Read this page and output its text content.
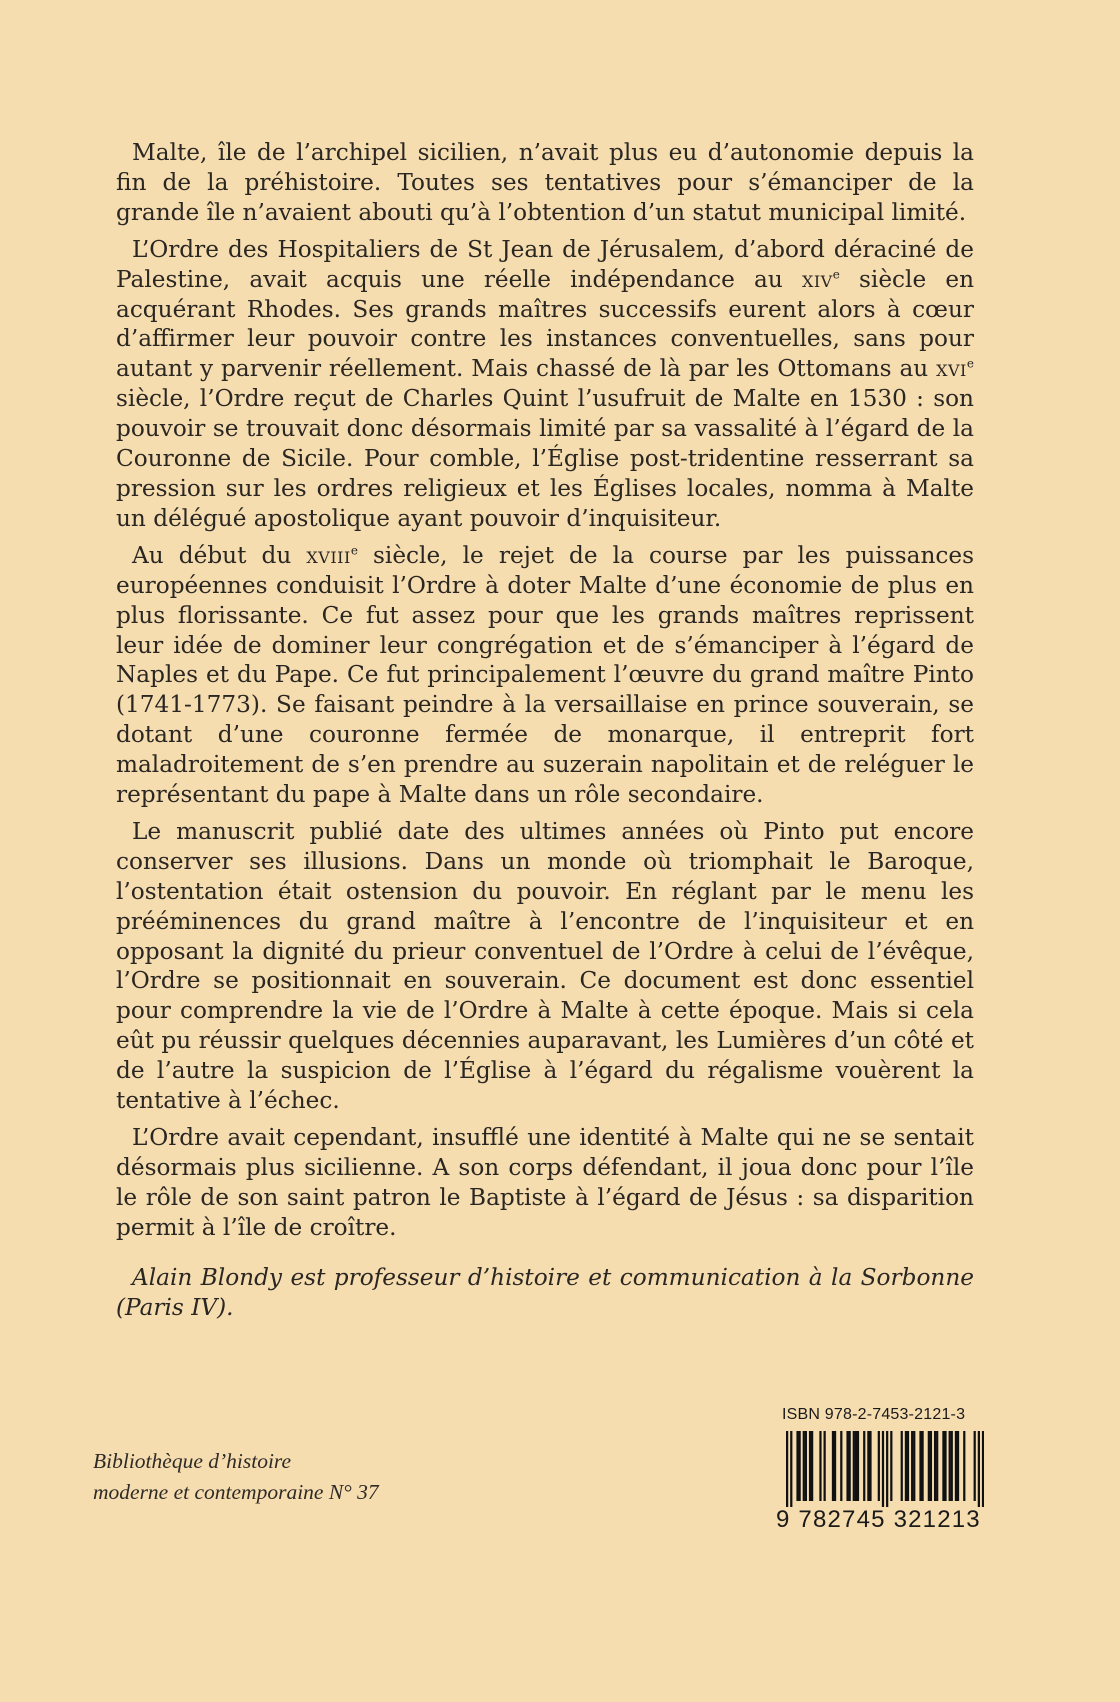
Malte, île de l’archipel sicilien, n’avait plus eu d’autonomie depuis la fin de la préhistoire. Toutes ses tentatives pour s’émanciper de la grande île n’avaient abouti qu’à l’obtention d’un statut municipal limité.

L’Ordre des Hospitaliers de St Jean de Jérusalem, d’abord déraciné de Palestine, avait acquis une réelle indépendance au xiv$^e$ siècle en acquérant Rhodes. Ses grands maîtres successifs eurent alors à cœur d’affirmer leur pouvoir contre les instances conventuelles, sans pour autant y parvenir réellement. Mais chassé de là par les Ottomans au xvi$^e$ siècle, l’Ordre reçut de Charles Quint l’usufruit de Malte en 1530 : son pouvoir se trouvait donc désormais limité par sa vassalité à l’égard de la Couronne de Sicile. Pour comble, l’Église post-tridentine resserrant sa pression sur les ordres religieux et les Églises locales, nomma à Malte un délégué apostolique ayant pouvoir d’inquisiteur.

Au début du xviii$^e$ siècle, le rejet de la course par les puissances européennes conduisit l’Ordre à doter Malte d’une économie de plus en plus florissante. Ce fut assez pour que les grands maîtres reprissent leur idée de dominer leur congrégation et de s’émanciper à l’égard de Naples et du Pape. Ce fut principalement l’œuvre du grand maître Pinto (1741-1773). Se faisant peindre à la versaillaise en prince souverain, se dotant d’une couronne fermée de monarque, il entreprit fort maladroitement de s’en prendre au suzerain napolitain et de reléguer le représentant du pape à Malte dans un rôle secondaire.

Le manuscrit publié date des ultimes années où Pinto put encore conserver ses illusions. Dans un monde où triomphait le Baroque, l’ostentation était ostension du pouvoir. En réglant par le menu les prééminences du grand maître à l’encontre de l’inquisiteur et en opposant la dignité du prieur conventuel de l’Ordre à celui de l’évêque, l’Ordre se positionnait en souverain. Ce document est donc essentiel pour comprendre la vie de l’Ordre à Malte à cette époque. Mais si cela eût pu réussir quelques décennies auparavant, les Lumières d’un côté et de l’autre la suspicion de l’Église à l’égard du régalisme vouèrent la tentative à l’échec.

L’Ordre avait cependant, insufflé une identité à Malte qui ne se sentait désormais plus sicilienne. A son corps défendant, il joua donc pour l’île le rôle de son saint patron le Baptiste à l’égard de Jésus : sa disparition permit à l’île de croître.

Alain Blondy est professeur d’histoire et communication à la Sorbonne (Paris IV).

Bibliothèque d’histoire
moderne et contemporaine N° 37
ISBN 978-2-7453-2121-3
9 782745 321213
